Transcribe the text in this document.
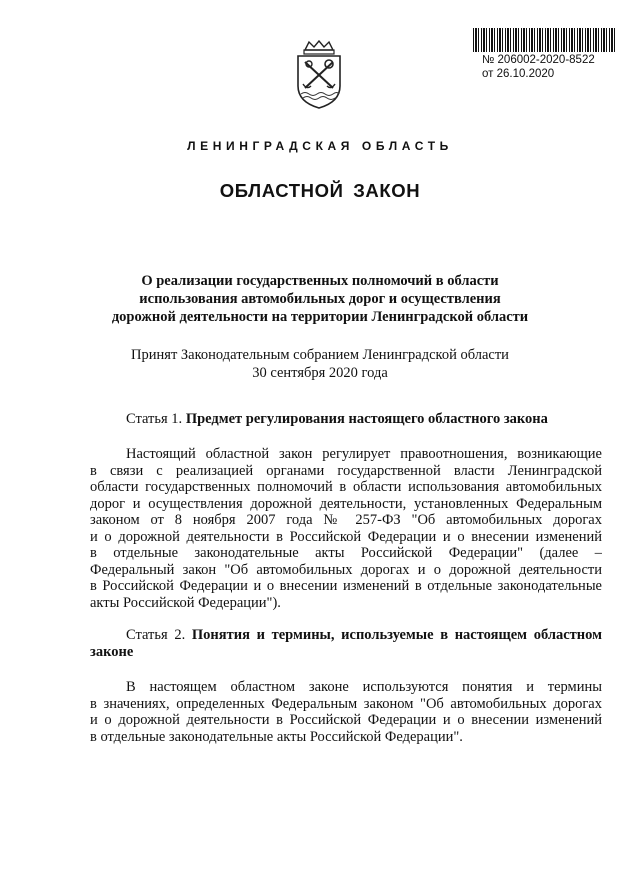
№ 206002-2020-8522
от 26.10.2020
ЛЕНИНГРАДСКАЯ ОБЛАСТЬ
ОБЛАСТНОЙ ЗАКОН
О реализации государственных полномочий в области
использования автомобильных дорог и осуществления
дорожной деятельности на территории Ленинградской области
Принят Законодательным собранием Ленинградской области
30 сентября 2020 года
Статья 1. Предмет регулирования настоящего областного закона
Настоящий областной закон регулирует правоотношения, возникающие
в связи с реализацией органами государственной власти Ленинградской
области государственных полномочий в области использования автомобильных
дорог и осуществления дорожной деятельности, установленных Федеральным
законом от 8 ноября 2007 года № 257-ФЗ "Об автомобильных дорогах
и о дорожной деятельности в Российской Федерации и о внесении изменений
в отдельные законодательные акты Российской Федерации" (далее –
Федеральный закон "Об автомобильных дорогах и о дорожной деятельности
в Российской Федерации и о внесении изменений в отдельные законодательные
акты Российской Федерации").
Статья 2. Понятия и термины, используемые в настоящем областном
законе
В настоящем областном законе используются понятия и термины
в значениях, определенных Федеральным законом "Об автомобильных дорогах
и о дорожной деятельности в Российской Федерации и о внесении изменений
в отдельные законодательные акты Российской Федерации".
